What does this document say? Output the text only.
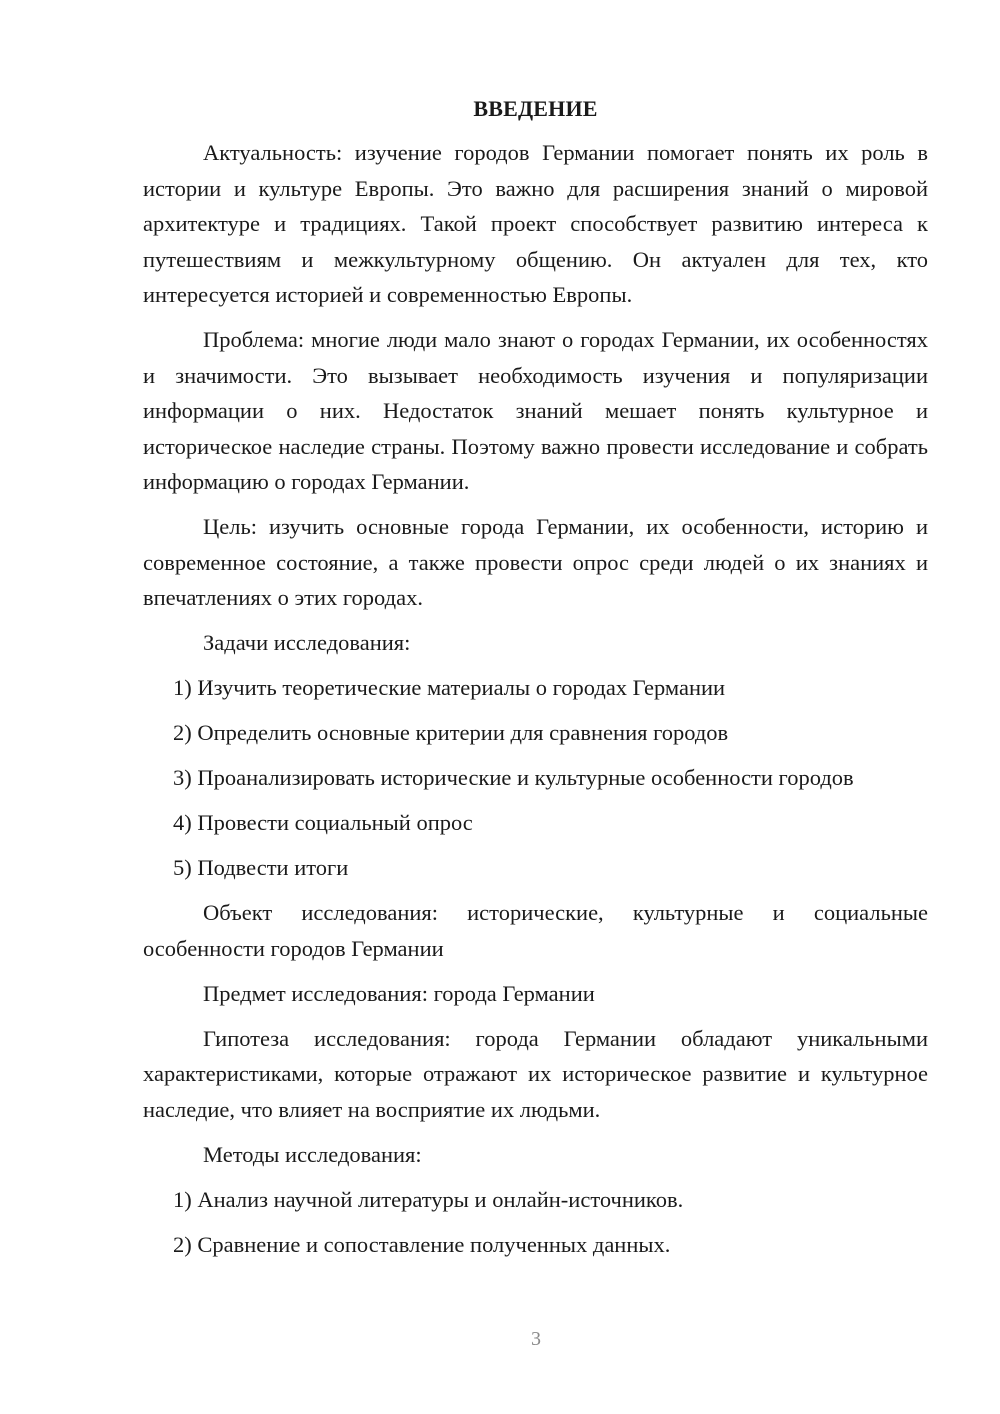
ВВЕДЕНИЕ

Актуальность: изучение городов Германии помогает понять их роль в истории и культуре Европы. Это важно для расширения знаний о мировой архитектуре и традициях. Такой проект способствует развитию интереса к путешествиям и межкультурному общению. Он актуален для тех, кто интересуется историей и современностью Европы.

Проблема: многие люди мало знают о городах Германии, их особенностях и значимости. Это вызывает необходимость изучения и популяризации информации о них. Недостаток знаний мешает понять культурное и историческое наследие страны. Поэтому важно провести исследование и собрать информацию о городах Германии.

Цель: изучить основные города Германии, их особенности, историю и современное состояние, а также провести опрос среди людей о их знаниях и впечатлениях о этих городах.

Задачи исследования:

1) Изучить теоретические материалы о городах Германии

2) Определить основные критерии для сравнения городов

3) Проанализировать исторические и культурные особенности городов

4) Провести социальный опрос

5) Подвести итоги

Объект исследования: исторические, культурные и социальные особенности городов Германии

Предмет исследования: города Германии

Гипотеза исследования: города Германии обладают уникальными характеристиками, которые отражают их историческое развитие и культурное наследие, что влияет на восприятие их людьми.

Методы исследования:

1) Анализ научной литературы и онлайн-источников.

2) Сравнение и сопоставление полученных данных.

3
